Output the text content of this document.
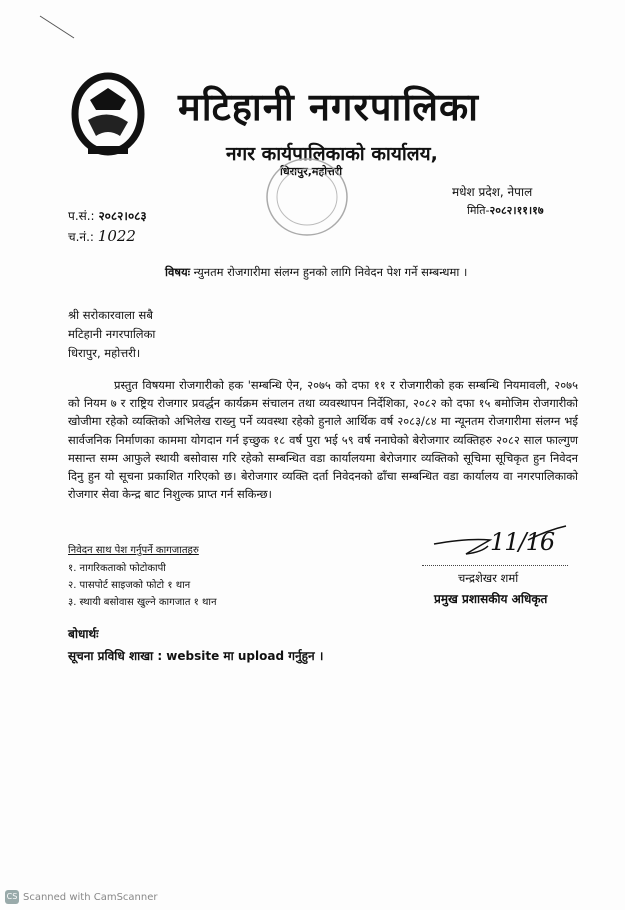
मटिहानी नगरपालिका
नगर कार्यपालिकाको कार्यालय,
धिरापुर,महोत्तरी
मधेश प्रदेश, नेपाल
मिति-२०८२।११।१७
प.सं.: २०८२।०८३
च.नं.: 1022
विषयः न्युनतम रोजगारीमा संलग्न हुनको लागि निवेदन पेश गर्ने सम्बन्धमा ।
श्री सरोकारवाला सबै
मटिहानी नगरपालिका
धिरापुर, महोत्तरी।
प्रस्तुत विषयमा रोजगारीको हक 'सम्बन्धि ऐन, २०७५ को दफा ११ र रोजगारीको हक सम्बन्धि नियमावली, २०७५ को नियम ७ र राष्ट्रिय रोजगार प्रवर्द्धन कार्यक्रम संचालन तथा व्यवस्थापन निर्देशिका, २०८२ को दफा १५ बमोजिम रोजगारीको खोजीमा रहेको व्यक्तिको अभिलेख राख्नु पर्ने व्यवस्था रहेको हुनाले आर्थिक वर्ष २०८३/८४ मा न्यूनतम रोजगारीमा संलग्न भई सार्वजनिक निर्माणका काममा योगदान गर्न इच्छुक १८ वर्ष पुरा भई ५९ वर्ष ननाघेको बेरोजगार व्यक्तिहरु २०८२ साल फाल्गुण मसान्त सम्म आफुले स्थायी बसोवास गरि रहेको सम्बन्धित वडा कार्यालयमा बेरोजगार व्यक्तिको सूचिमा सूचिकृत हुन निवेदन दिनु हुन यो सूचना प्रकाशित गरिएको छ। बेरोजगार व्यक्ति दर्ता निवेदनको ढाँचा सम्बन्धित वडा कार्यालय वा नगरपालिकाको रोजगार सेवा केन्द्र बाट निशुल्क प्राप्त गर्न सकिन्छ।
निवेदन साथ पेश गर्नुपर्ने कागजातहरु
१. नागरिकताको फोटोकापी
२. पासपोर्ट साइजको फोटो १ थान
३. स्थायी बसोवास खुल्ने कागजात १ थान
11/16
चन्द्रशेखर शर्मा
प्रमुख प्रशासकीय अधिकृत
बोधार्थः
सूचना प्रविधि शाखा : website मा upload गर्नुहुन ।
CS Scanned with CamScanner
